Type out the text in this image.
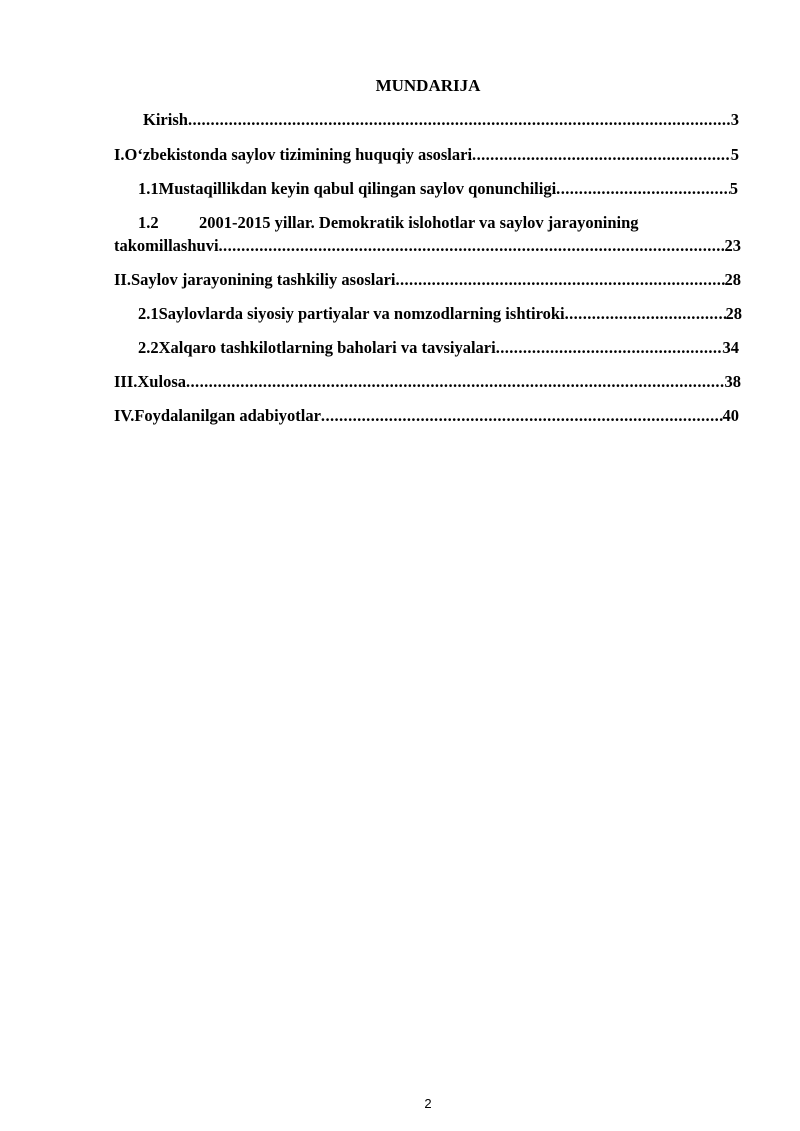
MUNDARIJA
Kirish .....	3
I. O‘zbekistonda saylov tizimining huquqiy asoslari .....	5
1.1 Mustaqillikdan keyin qabul qilingan saylov qonunchiligi .....	5
1.2 2001-2015 yillar. Demokratik islohotlar va saylov jarayonining
takomillashuvi .....	23
II. Saylov jarayonining tashkiliy asoslari .....	28
2.1 Saylovlarda siyosiy partiyalar va nomzodlarning ishtiroki .....	28
2.2 Xalqaro tashkilotlarning baholari va tavsiyalari .....	34
III. Xulosa .....	38
IV. Foydalanilgan adabiyotlar .....	40
2
